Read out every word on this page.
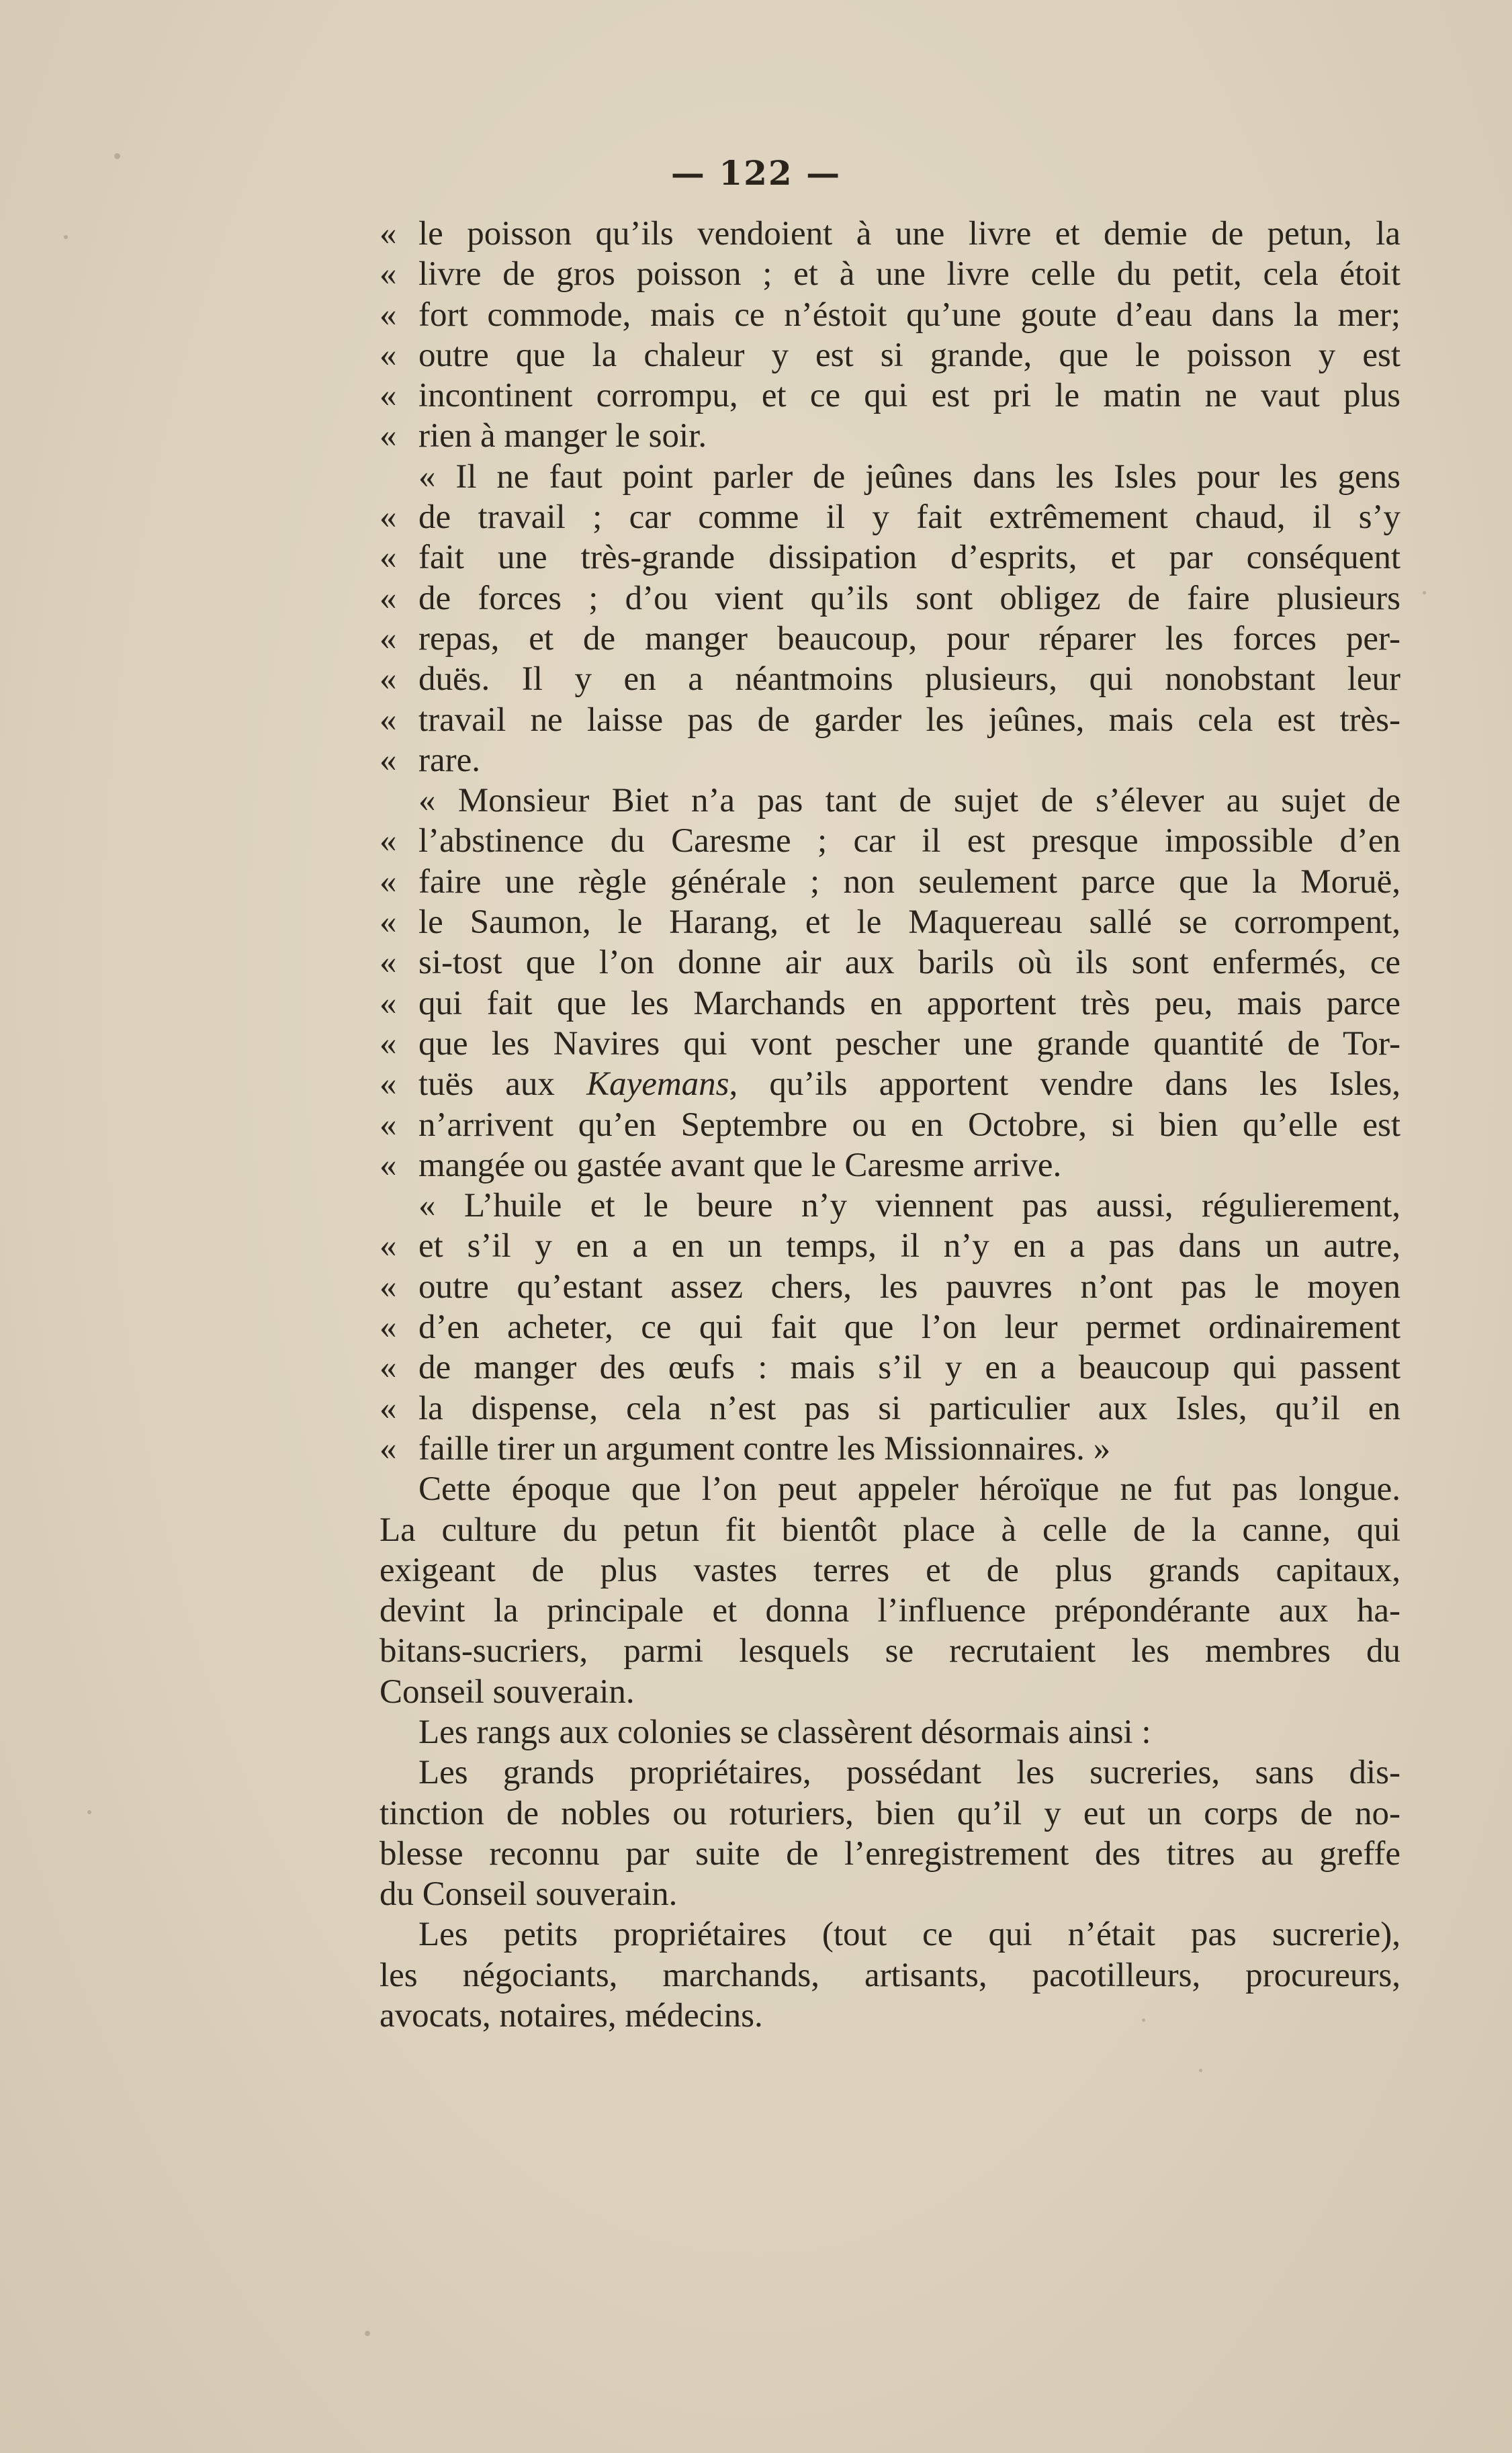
— 122 —
« le poisson qu’ils vendoient à une livre et demie de petun, la
« livre de gros poisson ; et à une livre celle du petit, cela étoit
« fort commode, mais ce n’éstoit qu’une goute d’eau dans la mer;
« outre que la chaleur y est si grande, que le poisson y est
« incontinent corrompu, et ce qui est pri le matin ne vaut plus
« rien à manger le soir.
« Il ne faut point parler de jeûnes dans les Isles pour les gens
« de travail ; car comme il y fait extrêmement chaud, il s’y
« fait une très-grande dissipation d’esprits, et par conséquent
« de forces ; d’ou vient qu’ils sont obligez de faire plusieurs
« repas, et de manger beaucoup, pour réparer les forces per-
« duës. Il y en a néantmoins plusieurs, qui nonobstant leur
« travail ne laisse pas de garder les jeûnes, mais cela est très-
« rare.
« Monsieur Biet n’a pas tant de sujet de s’élever au sujet de
« l’abstinence du Caresme ; car il est presque impossible d’en
« faire une règle générale ; non seulement parce que la Moruë,
« le Saumon, le Harang, et le Maquereau sallé se corrompent,
« si-tost que l’on donne air aux barils où ils sont enfermés, ce
« qui fait que les Marchands en apportent très peu, mais parce
« que les Navires qui vont pescher une grande quantité de Tor-
« tuës aux Kayemans, qu’ils apportent vendre dans les Isles,
« n’arrivent qu’en Septembre ou en Octobre, si bien qu’elle est
« mangée ou gastée avant que le Caresme arrive.
« L’huile et le beure n’y viennent pas aussi, régulierement,
« et s’il y en a en un temps, il n’y en a pas dans un autre,
« outre qu’estant assez chers, les pauvres n’ont pas le moyen
« d’en acheter, ce qui fait que l’on leur permet ordinairement
« de manger des œufs : mais s’il y en a beaucoup qui passent
« la dispense, cela n’est pas si particulier aux Isles, qu’il en
« faille tirer un argument contre les Missionnaires. »
Cette époque que l’on peut appeler héroïque ne fut pas longue.
La culture du petun fit bientôt place à celle de la canne, qui
exigeant de plus vastes terres et de plus grands capitaux,
devint la principale et donna l’influence prépondérante aux ha-
bitans-sucriers, parmi lesquels se recrutaient les membres du
Conseil souverain.
Les rangs aux colonies se classèrent désormais ainsi :
Les grands propriétaires, possédant les sucreries, sans dis-
tinction de nobles ou roturiers, bien qu’il y eut un corps de no-
blesse reconnu par suite de l’enregistrement des titres au greffe
du Conseil souverain.
Les petits propriétaires (tout ce qui n’était pas sucrerie),
les négociants, marchands, artisants, pacotilleurs, procureurs,
avocats, notaires, médecins.
